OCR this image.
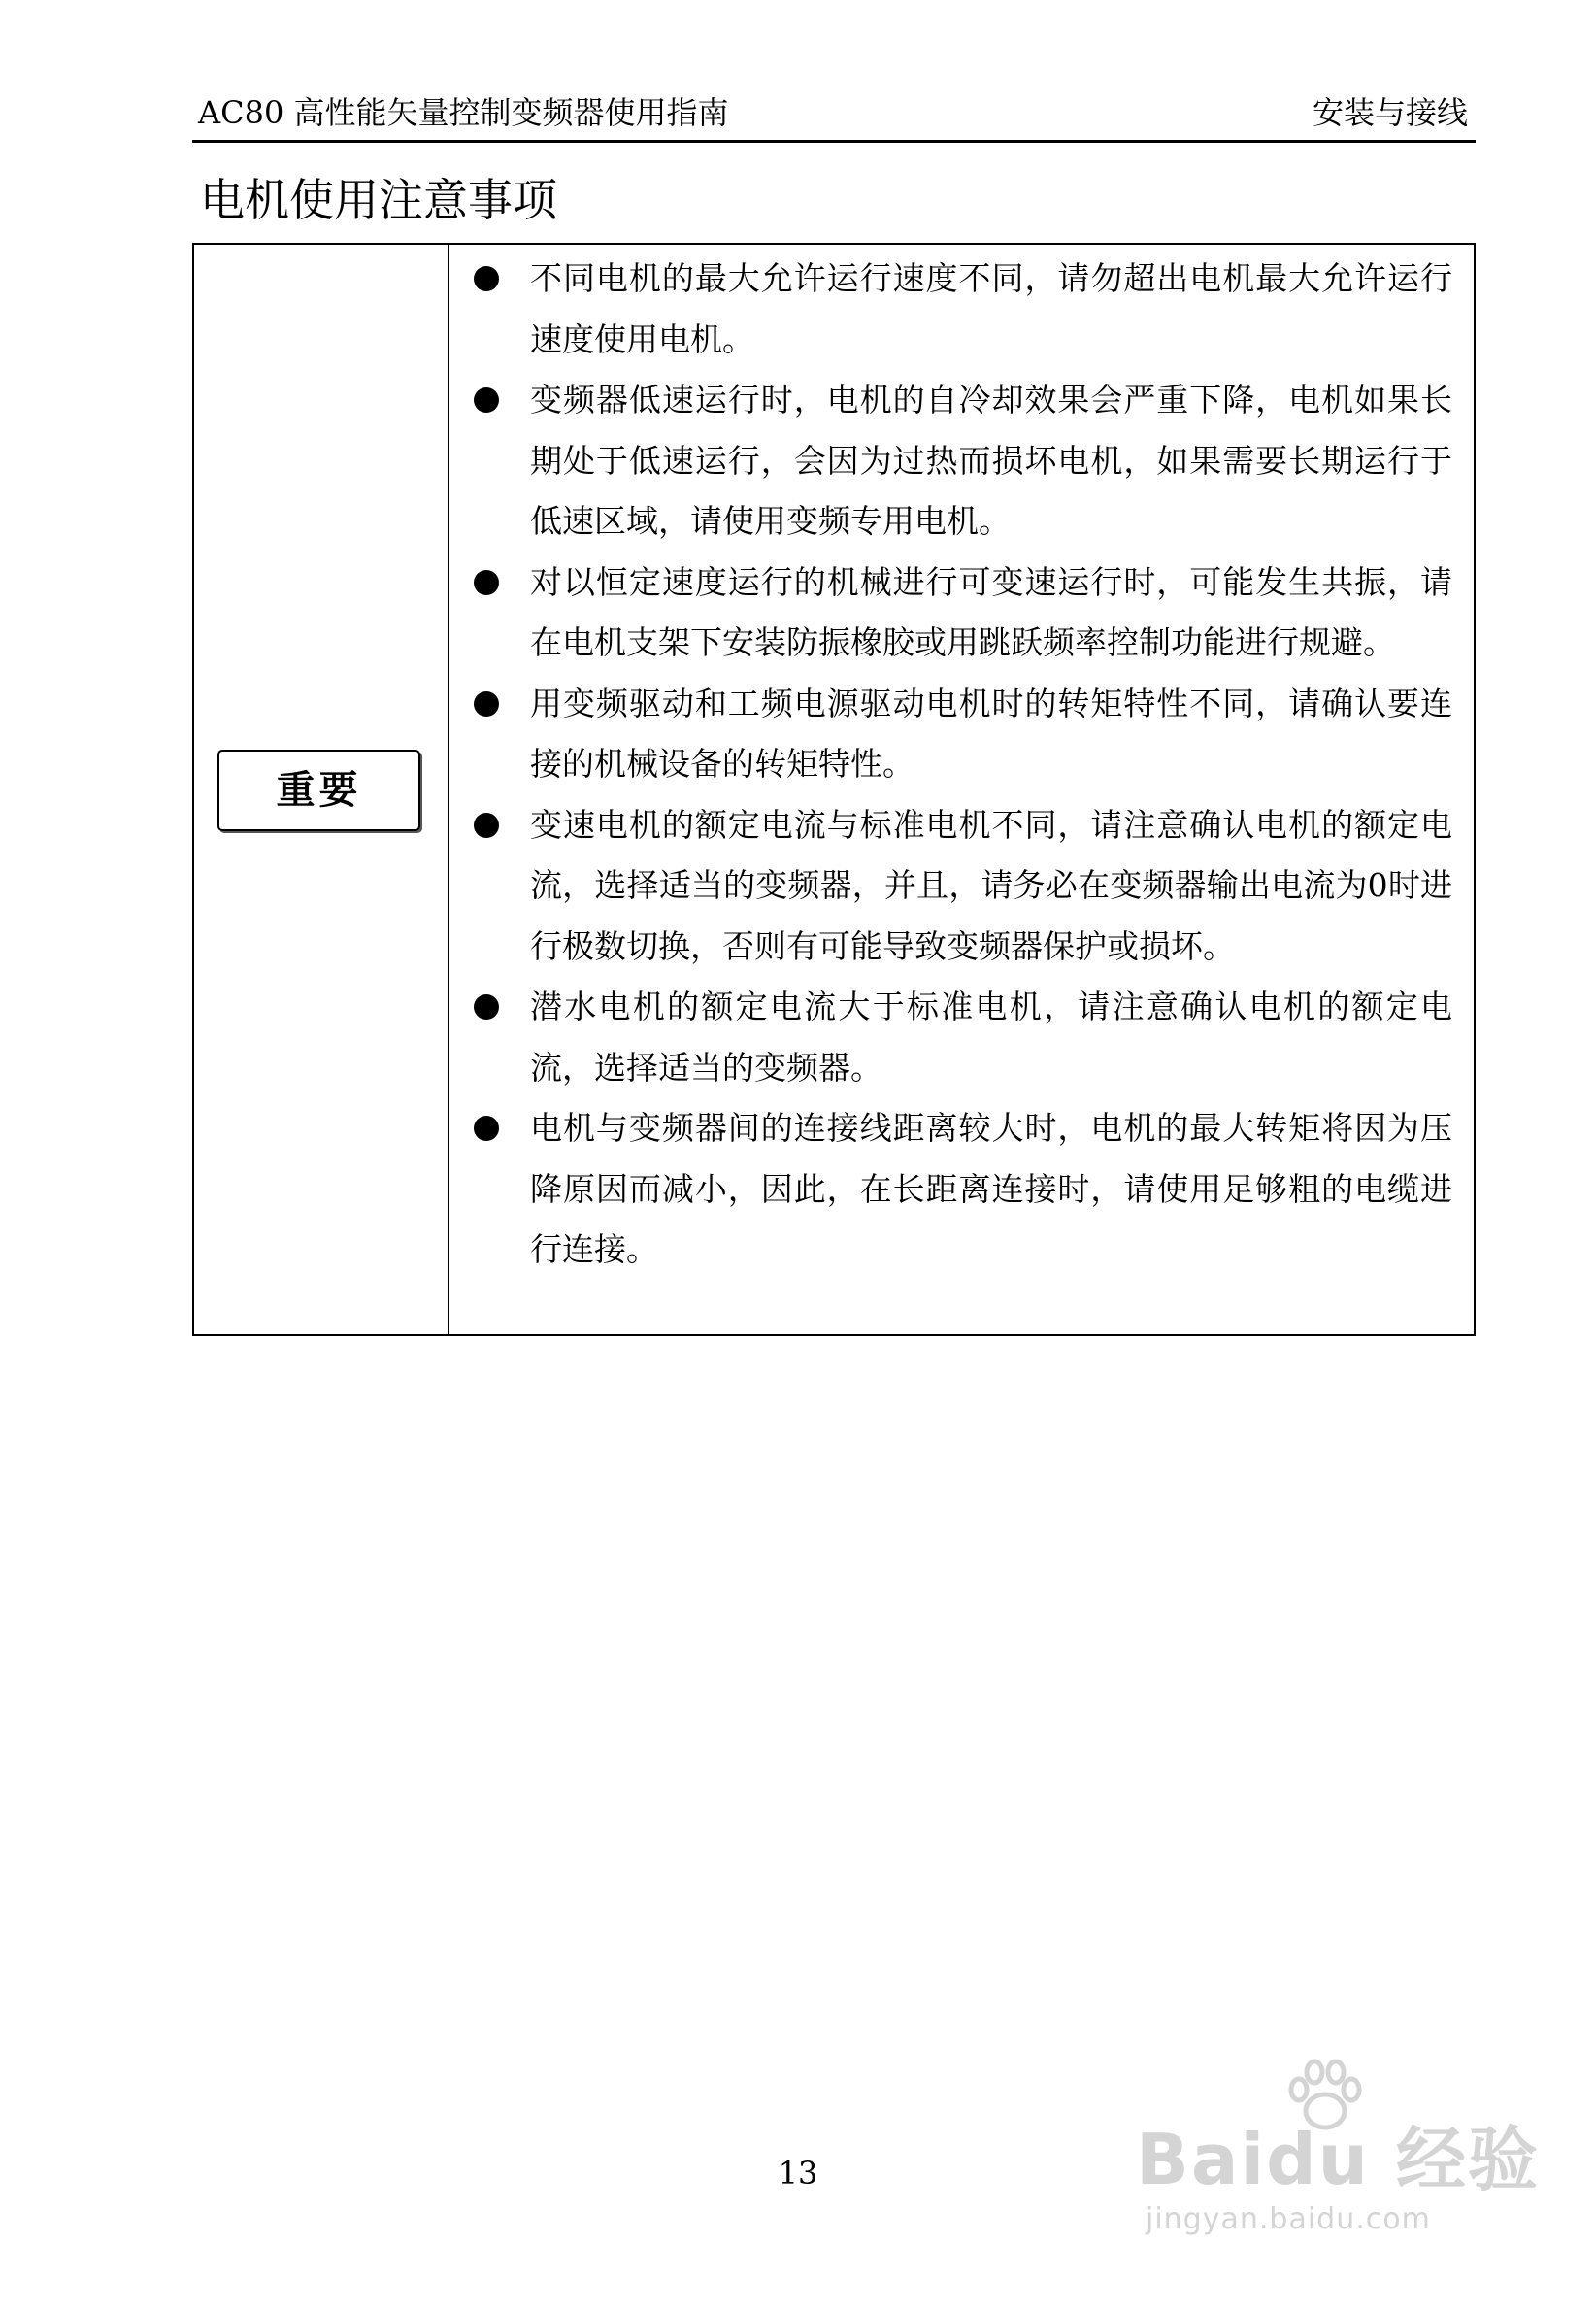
AC80 高性能矢量控制变频器使用指南	安装与接线
电机使用注意事项
重要
不同电机的最大允许运行速度不同，请勿超出电机最大允许运行速度使用电机。
变频器低速运行时，电机的自冷却效果会严重下降，电机如果长期处于低速运行，会因为过热而损坏电机，如果需要长期运行于低速区域，请使用变频专用电机。
对以恒定速度运行的机械进行可变速运行时，可能发生共振，请在电机支架下安装防振橡胶或用跳跃频率控制功能进行规避。
用变频驱动和工频电源驱动电机时的转矩特性不同，请确认要连接的机械设备的转矩特性。
变速电机的额定电流与标准电机不同，请注意确认电机的额定电流，选择适当的变频器，并且，请务必在变频器输出电流为0时进行极数切换，否则有可能导致变频器保护或损坏。
潜水电机的额定电流大于标准电机，请注意确认电机的额定电流，选择适当的变频器。
电机与变频器间的连接线距离较大时，电机的最大转矩将因为压降原因而减小，因此，在长距离连接时，请使用足够粗的电缆进行连接。
13	Baidu 经验
jingyan.baidu.com
